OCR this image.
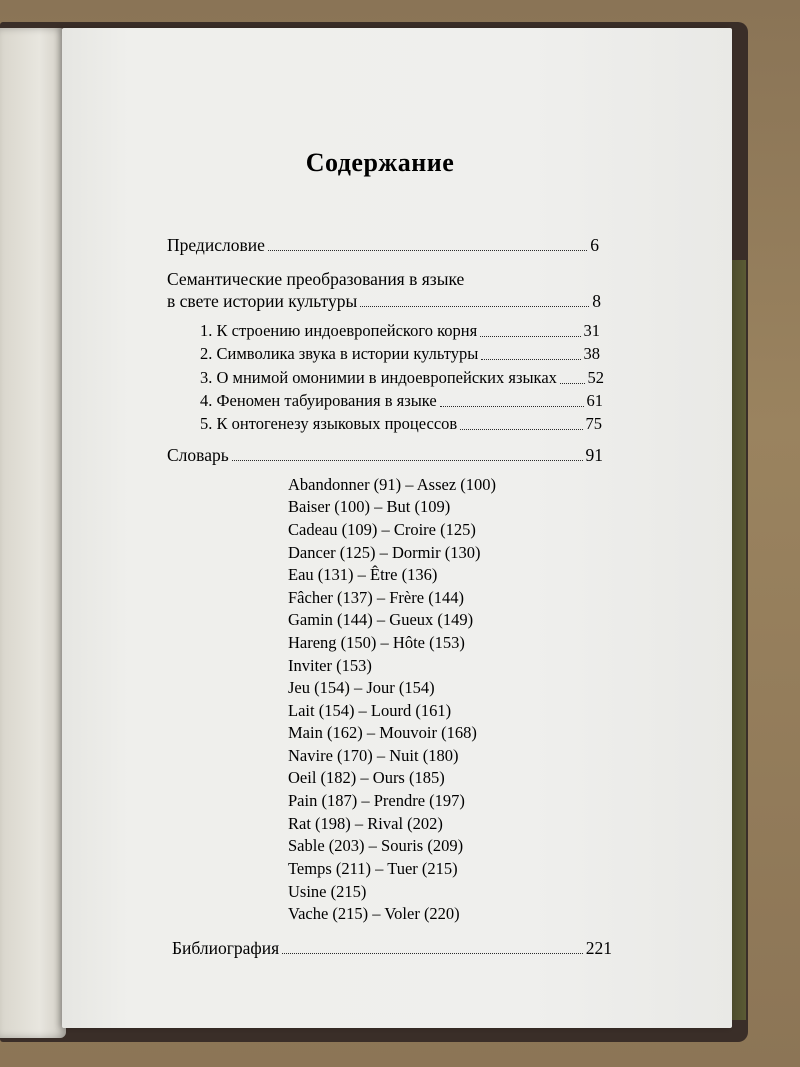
Содержание
Предисловие	6
Семантические преобразования в языке
в свете истории культуры	8
1. К строению индоевропейского корня	31
2. Символика звука в истории культуры	38
3. О мнимой омонимии в индоевропейских языках 52
4. Феномен табуирования в языке	61
5. К онтогенезу языковых процессов	75
Словарь	91
Abandonner (91) – Assez (100)
Baiser (100) – But (109)
Cadeau (109) – Croire (125)
Dancer (125) – Dormir (130)
Eau (131) – Être (136)
Fâcher (137) – Frère (144)
Gamin (144) – Gueux (149)
Hareng (150) – Hôte (153)
Inviter (153)
Jeu (154) – Jour (154)
Lait (154) – Lourd (161)
Main (162) – Mouvoir (168)
Navire (170) – Nuit (180)
Oeil (182) – Ours (185)
Pain (187) – Prendre (197)
Rat (198) – Rival (202)
Sable (203) – Souris (209)
Temps (211) – Tuer (215)
Usine (215)
Vache (215) – Voler (220)
Библиография	221
